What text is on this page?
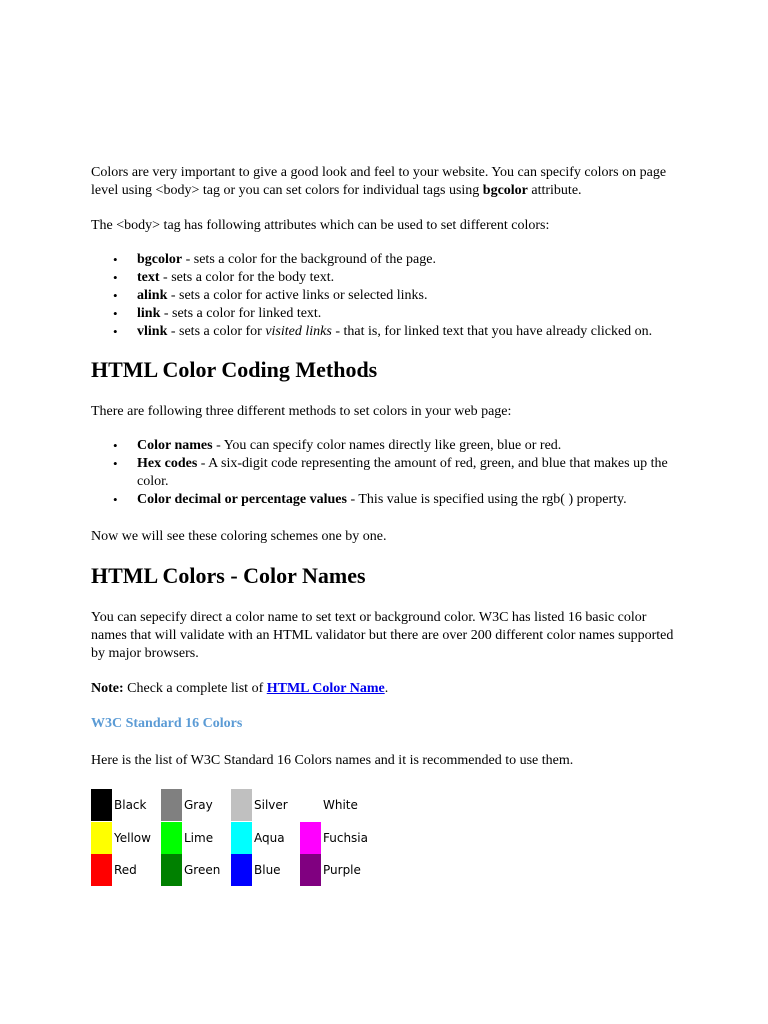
Colors are very important to give a good look and feel to your website. You can specify colors on page level using <body> tag or you can set colors for individual tags using bgcolor attribute.

The <body> tag has following attributes which can be used to set different colors:

• bgcolor - sets a color for the background of the page.
• text - sets a color for the body text.
• alink - sets a color for active links or selected links.
• link - sets a color for linked text.
• vlink - sets a color for visited links - that is, for linked text that you have already clicked on.
HTML Color Coding Methods

There are following three different methods to set colors in your web page:

• Color names - You can specify color names directly like green, blue or red.
• Hex codes - A six-digit code representing the amount of red, green, and blue that makes up the color.
• Color decimal or percentage values - This value is specified using the rgb( ) property.

Now we will see these coloring schemes one by one.

HTML Colors - Color Names

You can sepecify direct a color name to set text or background color. W3C has listed 16 basic color names that will validate with an HTML validator but there are over 200 different color names supported by major browsers.

Note: Check a complete list of HTML Color Name.

W3C Standard 16 Colors

Here is the list of W3C Standard 16 Colors names and it is recommended to use them.

Black	Gray	Silver	White
Yellow	Lime	Aqua	Fuchsia
Red	Green	Blue	Purple
